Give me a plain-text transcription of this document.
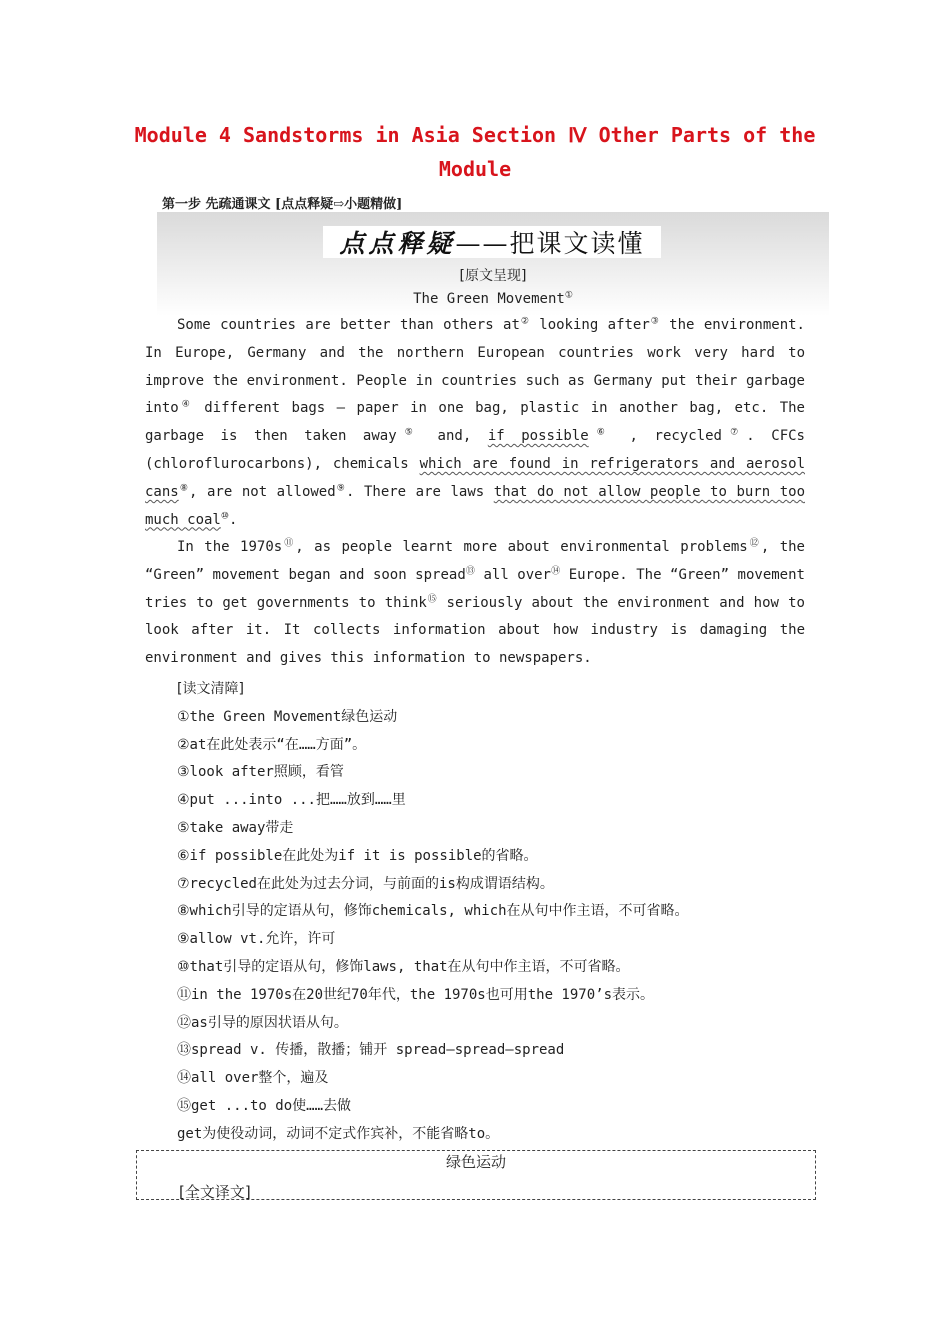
Module 4 Sandstorms in Asia Section Ⅳ Other Parts of the
Module
第一步 先疏通课文 [点点释疑⇨小题精做]
点点释疑 ——把课文读懂
[原文呈现]
The Green Movement①
Some countries are better than others at② looking after③ the environment. In Europe, Germany and the northern European countries work very hard to improve the environment. People in countries such as Germany put their garbage into④ different bags — paper in one bag, plastic in another bag, etc. The garbage is then taken away⑤ and, if possible⑥ , recycled⑦. CFCs (chloroflurocarbons), chemicals which are found in refrigerators and aerosol cans⑧, are not allowed⑨. There are laws that do not allow people to burn too much coal⑩.
In the 1970s⑪, as people learnt more about environmental problems⑫, the “Green” movement began and soon spread⑬ all over⑭ Europe. The “Green” movement tries to get governments to think⑮ seriously about the environment and how to look after it. It collects information about how industry is damaging the environment and gives this information to newspapers.
[读文清障]
①the Green Movement绿色运动
②at在此处表示“在……方面”。
③look after照顾，看管
④put ...into ...把……放到……里
⑤take away带走
⑥if possible在此处为if it is possible的省略。
⑦recycled在此处为过去分词，与前面的is构成谓语结构。
⑧which引导的定语从句，修饰chemicals, which在从句中作主语，不可省略。
⑨allow vt.允许，许可
⑩that引导的定语从句，修饰laws, that在从句中作主语，不可省略。
⑪in the 1970s在20世纪70年代，the 1970s也可用the 1970’s表示。
⑫as引导的原因状语从句。
⑬spread v. 传播，散播；铺开 spread—spread—spread
⑭all over整个，遍及
⑮get ...to do使……去做
get为使役动词，动词不定式作宾补，不能省略to。
绿色运动
[全文译文]
